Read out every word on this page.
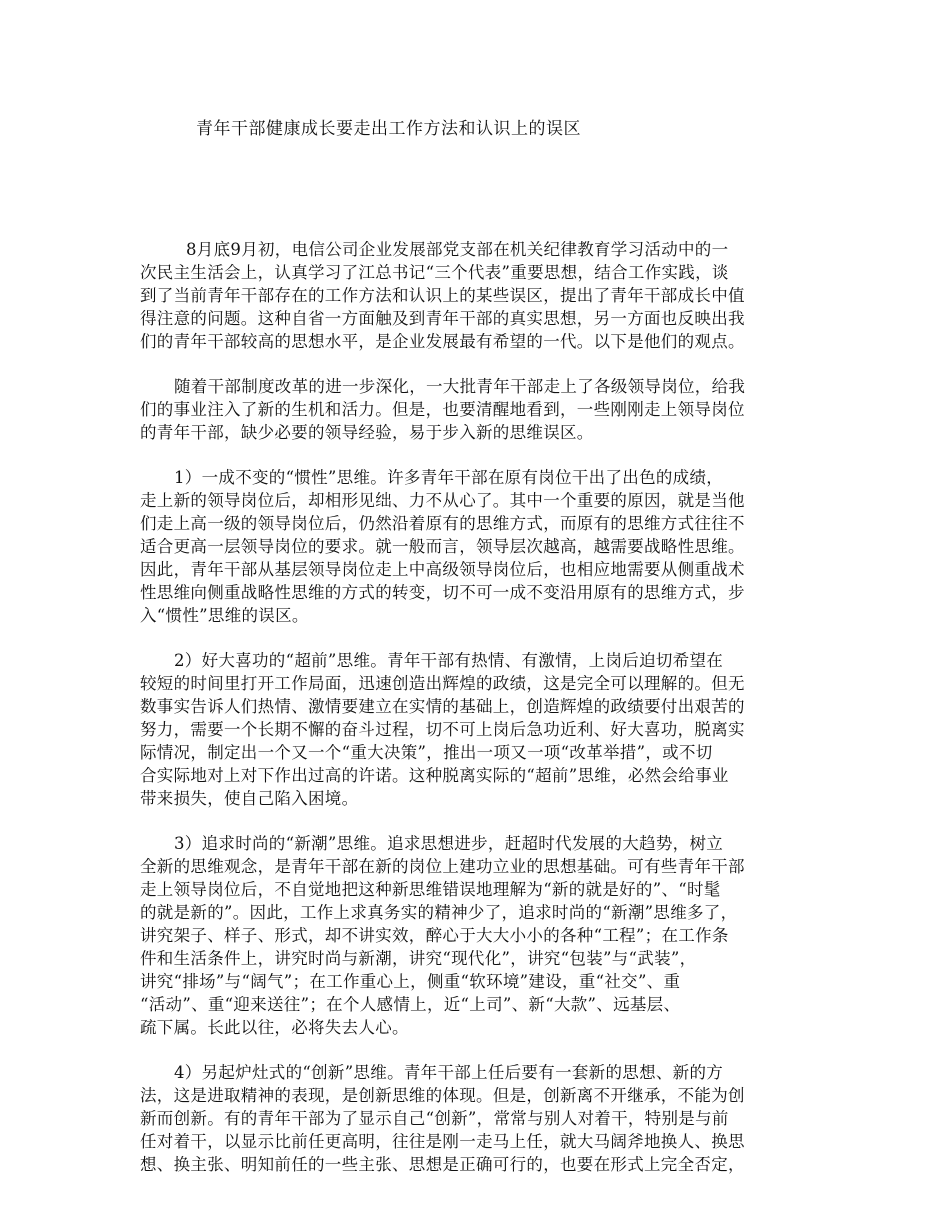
青年干部健康成长要走出工作方法和认识上的误区
8月底9月初，电信公司企业发展部党支部在机关纪律教育学习活动中的一
次民主生活会上，认真学习了江总书记“三个代表”重要思想，结合工作实践，谈
到了当前青年干部存在的工作方法和认识上的某些误区，提出了青年干部成长中值
得注意的问题。这种自省一方面触及到青年干部的真实思想，另一方面也反映出我
们的青年干部较高的思想水平，是企业发展最有希望的一代。以下是他们的观点。
随着干部制度改革的进一步深化，一大批青年干部走上了各级领导岗位，给我
们的事业注入了新的生机和活力。但是，也要清醒地看到，一些刚刚走上领导岗位
的青年干部，缺少必要的领导经验，易于步入新的思维误区。
1）一成不变的“惯性”思维。许多青年干部在原有岗位干出了出色的成绩，
走上新的领导岗位后，却相形见绌、力不从心了。其中一个重要的原因，就是当他
们走上高一级的领导岗位后，仍然沿着原有的思维方式，而原有的思维方式往往不
适合更高一层领导岗位的要求。就一般而言，领导层次越高，越需要战略性思维。
因此，青年干部从基层领导岗位走上中高级领导岗位后，也相应地需要从侧重战术
性思维向侧重战略性思维的方式的转变，切不可一成不变沿用原有的思维方式，步
入“惯性”思维的误区。
2）好大喜功的“超前”思维。青年干部有热情、有激情，上岗后迫切希望在
较短的时间里打开工作局面，迅速创造出辉煌的政绩，这是完全可以理解的。但无
数事实告诉人们热情、激情要建立在实情的基础上，创造辉煌的政绩要付出艰苦的
努力，需要一个长期不懈的奋斗过程，切不可上岗后急功近利、好大喜功，脱离实
际情况，制定出一个又一个“重大决策”，推出一项又一项“改革举措”，或不切
合实际地对上对下作出过高的许诺。这种脱离实际的“超前”思维，必然会给事业
带来损失，使自己陷入困境。
3）追求时尚的“新潮”思维。追求思想进步，赶超时代发展的大趋势，树立
全新的思维观念，是青年干部在新的岗位上建功立业的思想基础。可有些青年干部
走上领导岗位后，不自觉地把这种新思维错误地理解为“新的就是好的”、“时髦
的就是新的”。因此，工作上求真务实的精神少了，追求时尚的“新潮”思维多了，
讲究架子、样子、形式，却不讲实效，醉心于大大小小的各种“工程”；在工作条
件和生活条件上，讲究时尚与新潮，讲究“现代化”，讲究“包装”与“武装”，
讲究“排场”与“阔气”；在工作重心上，侧重“软环境”建设，重“社交”、重
“活动”、重“迎来送往”；在个人感情上，近“上司”、新“大款”、远基层、
疏下属。长此以往，必将失去人心。
4）另起炉灶式的“创新”思维。青年干部上任后要有一套新的思想、新的方
法，这是进取精神的表现，是创新思维的体现。但是，创新离不开继承，不能为创
新而创新。有的青年干部为了显示自己“创新”，常常与别人对着干，特别是与前
任对着干，以显示比前任更高明，往往是刚一走马上任，就大马阔斧地换人、换思
想、换主张、明知前任的一些主张、思想是正确可行的，也要在形式上完全否定，
